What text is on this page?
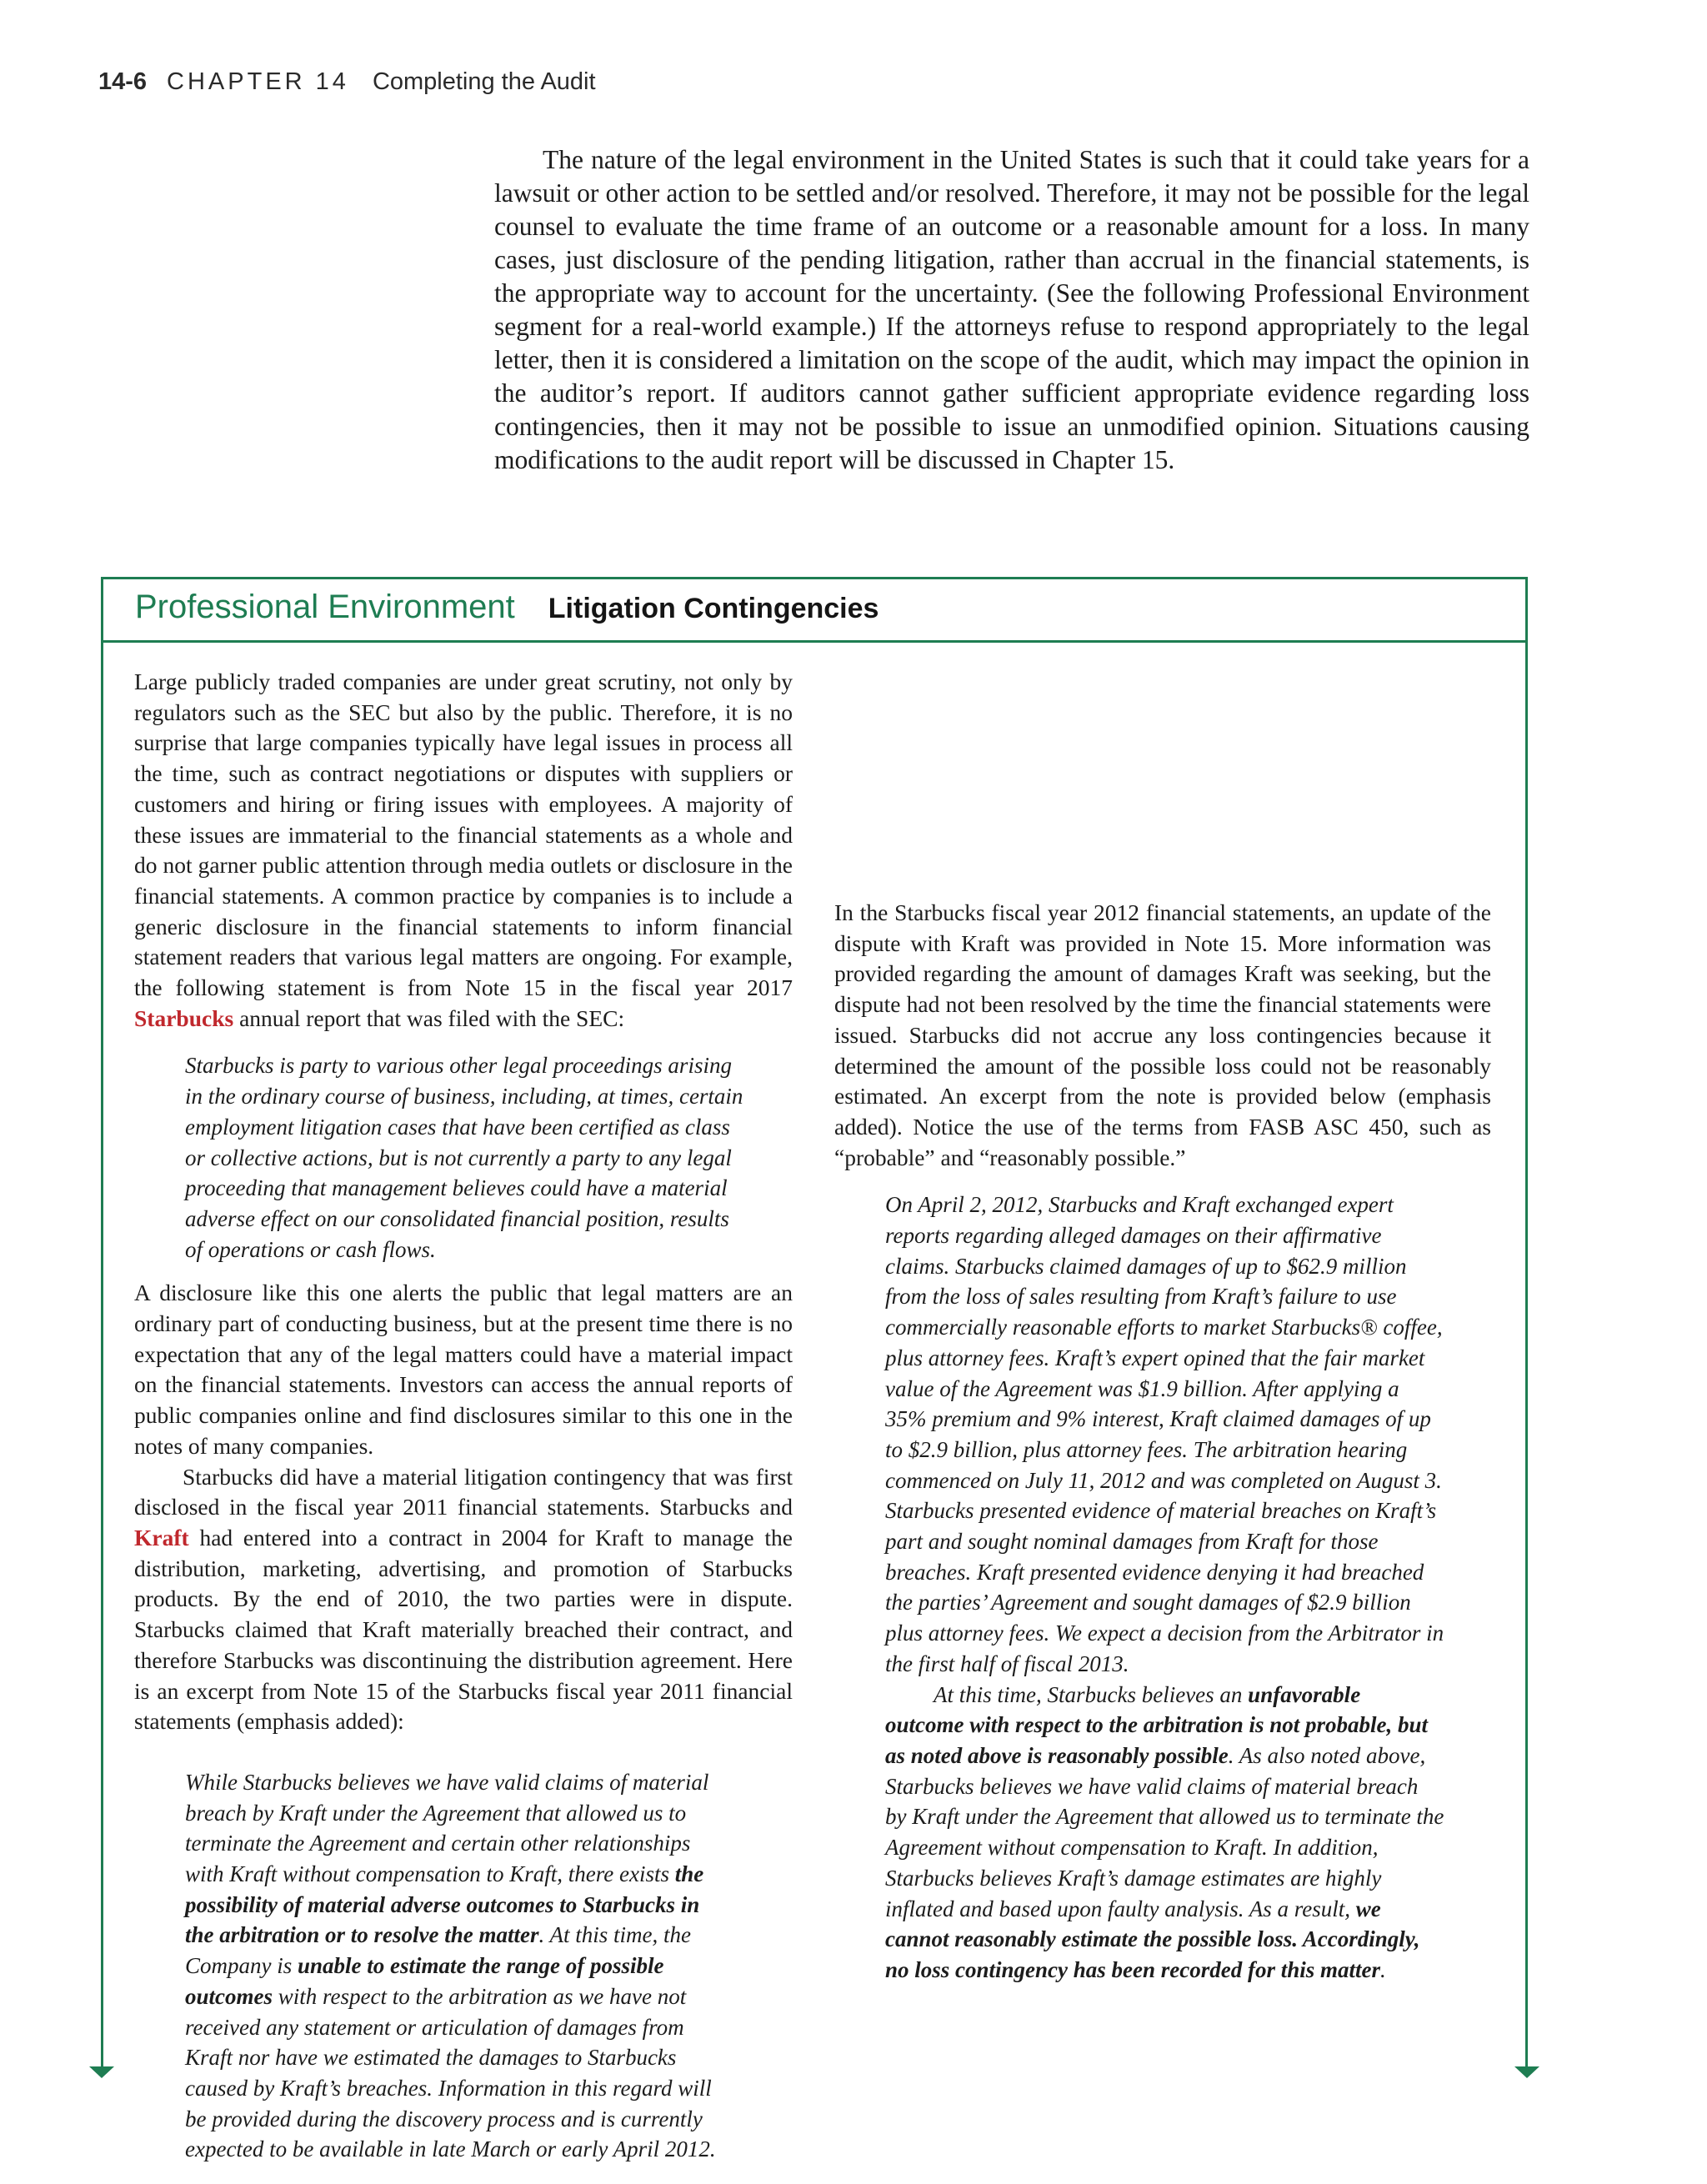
14-6 CHAPTER 14 Completing the Audit

The nature of the legal environment in the United States is such that it could take years for a lawsuit or other action to be settled and/or resolved. Therefore, it may not be possible for the legal counsel to evaluate the time frame of an outcome or a reasonable amount for a loss. In many cases, just disclosure of the pending litigation, rather than accrual in the financial statements, is the appropriate way to account for the uncertainty. (See the following Professional Environment segment for a real-world example.) If the attorneys refuse to respond appropriately to the legal letter, then it is considered a limitation on the scope of the audit, which may impact the opinion in the auditor’s report. If auditors cannot gather sufficient appropriate evidence regarding loss contingencies, then it may not be possible to issue an unmodified opinion. Situations causing modifications to the audit report will be discussed in Chapter 15.

Professional Environment Litigation Contingencies

Large publicly traded companies are under great scrutiny, not only by regulators such as the SEC but also by the public. Therefore, it is no surprise that large companies typically have legal issues in process all the time, such as contract negotiations or disputes with suppliers or customers and hiring or firing issues with employees. A majority of these issues are immaterial to the financial statements as a whole and do not garner public attention through media outlets or disclosure in the financial statements. A common practice by companies is to include a generic disclosure in the financial statements to inform financial statement readers that various legal matters are ongoing. For example, the following statement is from Note 15 in the fiscal year 2017 Starbucks annual report that was filed with the SEC:

Starbucks is party to various other legal proceedings arising in the ordinary course of business, including, at times, certain employment litigation cases that have been certified as class or collective actions, but is not currently a party to any legal proceeding that management believes could have a material adverse effect on our consolidated financial position, results of operations or cash flows.

A disclosure like this one alerts the public that legal matters are an ordinary part of conducting business, but at the present time there is no expectation that any of the legal matters could have a material impact on the financial statements. Investors can access the annual reports of public companies online and find disclosures similar to this one in the notes of many companies.

Starbucks did have a material litigation contingency that was first disclosed in the fiscal year 2011 financial statements. Starbucks and Kraft had entered into a contract in 2004 for Kraft to manage the distribution, marketing, advertising, and promotion of Starbucks products. By the end of 2010, the two parties were in dispute. Starbucks claimed that Kraft materially breached their contract, and therefore Starbucks was discontinuing the distribution agreement. Here is an excerpt from Note 15 of the Starbucks fiscal year 2011 financial statements (emphasis added):

While Starbucks believes we have valid claims of material breach by Kraft under the Agreement that allowed us to terminate the Agreement and certain other relationships with Kraft without compensation to Kraft, there exists the possibility of material adverse outcomes to Starbucks in the arbitration or to resolve the matter. At this time, the Company is unable to estimate the range of possible outcomes with respect to the arbitration as we have not received any statement or articulation of damages from Kraft nor have we estimated the damages to Starbucks caused by Kraft’s breaches. Information in this regard will be provided during the discovery process and is currently expected to be available in late March or early April 2012.

In the Starbucks fiscal year 2012 financial statements, an update of the dispute with Kraft was provided in Note 15. More information was provided regarding the amount of damages Kraft was seeking, but the dispute had not been resolved by the time the financial statements were issued. Starbucks did not accrue any loss contingencies because it determined the amount of the possible loss could not be reasonably estimated. An excerpt from the note is provided below (emphasis added). Notice the use of the terms from FASB ASC 450, such as “probable” and “reasonably possible.”

On April 2, 2012, Starbucks and Kraft exchanged expert reports regarding alleged damages on their affirmative claims. Starbucks claimed damages of up to $62.9 million from the loss of sales resulting from Kraft’s failure to use commercially reasonable efforts to market Starbucks® coffee, plus attorney fees. Kraft’s expert opined that the fair market value of the Agreement was $1.9 billion. After applying a 35% premium and 9% interest, Kraft claimed damages of up to $2.9 billion, plus attorney fees. The arbitration hearing commenced on July 11, 2012 and was completed on August 3. Starbucks presented evidence of material breaches on Kraft’s part and sought nominal damages from Kraft for those breaches. Kraft presented evidence denying it had breached the parties’ Agreement and sought damages of $2.9 billion plus attorney fees. We expect a decision from the Arbitrator in the first half of fiscal 2013.

At this time, Starbucks believes an unfavorable outcome with respect to the arbitration is not probable, but as noted above is reasonably possible. As also noted above, Starbucks believes we have valid claims of material breach by Kraft under the Agreement that allowed us to terminate the Agreement without compensation to Kraft. In addition, Starbucks believes Kraft’s damage estimates are highly inflated and based upon faulty analysis. As a result, we cannot reasonably estimate the possible loss. Accordingly, no loss contingency has been recorded for this matter.
